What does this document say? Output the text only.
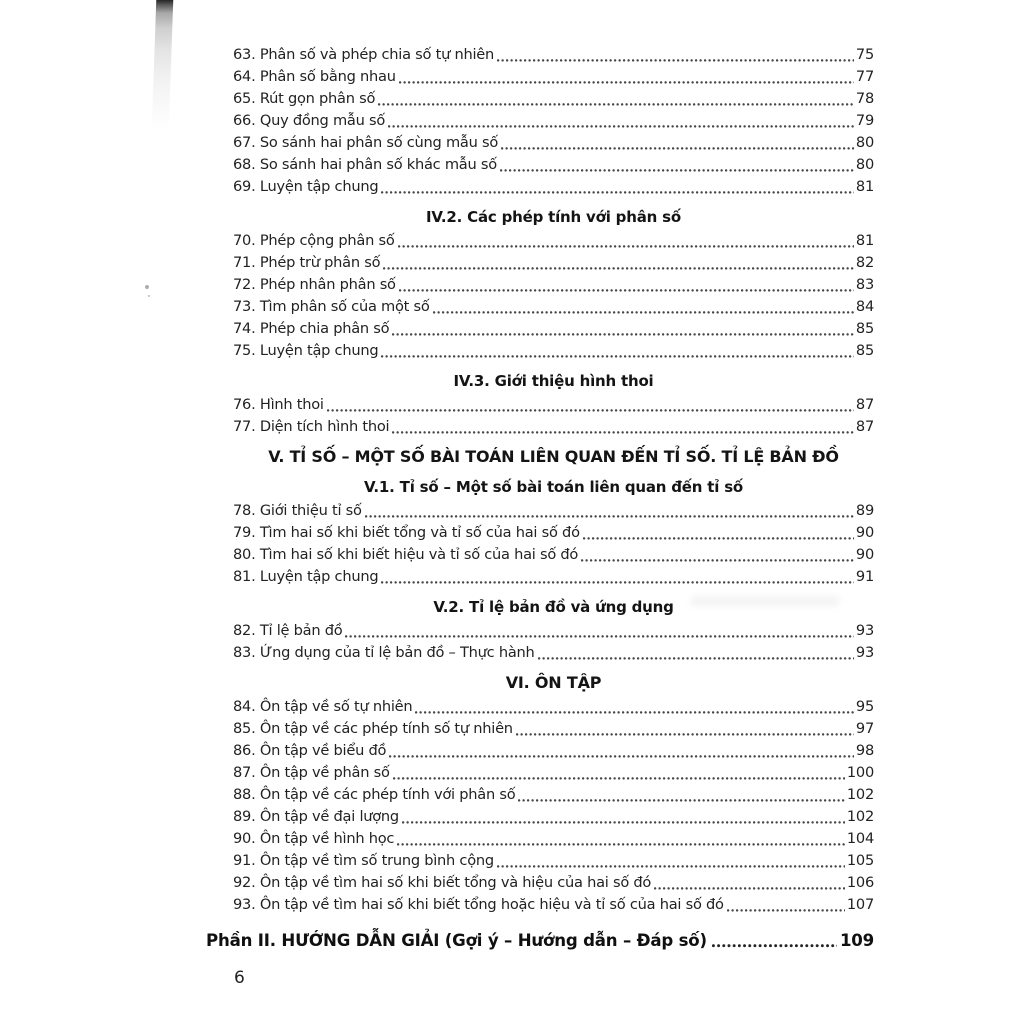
63. Phân số và phép chia số tự nhiên	75
64. Phân số bằng nhau	77
65. Rút gọn phân số	78
66. Quy đồng mẫu số	79
67. So sánh hai phân số cùng mẫu số	80
68. So sánh hai phân số khác mẫu số	80
69. Luyện tập chung	81
IV.2. Các phép tính với phân số
70. Phép cộng phân số	81
71. Phép trừ phân số	82
72. Phép nhân phân số	83
73. Tìm phân số của một số	84
74. Phép chia phân số	85
75. Luyện tập chung	85
IV.3. Giới thiệu hình thoi
76. Hình thoi	87
77. Diện tích hình thoi	87
V. TỈ SỐ – MỘT SỐ BÀI TOÁN LIÊN QUAN ĐẾN TỈ SỐ. TỈ LỆ BẢN ĐỒ
V.1. Tỉ số – Một số bài toán liên quan đến tỉ số
78. Giới thiệu tỉ số	89
79. Tìm hai số khi biết tổng và tỉ số của hai số đó	90
80. Tìm hai số khi biết hiệu và tỉ số của hai số đó	90
81. Luyện tập chung	91
V.2. Tỉ lệ bản đồ và ứng dụng
82. Tỉ lệ bản đồ	93
83. Ứng dụng của tỉ lệ bản đồ – Thực hành	93
VI. ÔN TẬP
84. Ôn tập về số tự nhiên	95
85. Ôn tập về các phép tính số tự nhiên	97
86. Ôn tập về biểu đồ	98
87. Ôn tập về phân số	100
88. Ôn tập về các phép tính với phân số	102
89. Ôn tập về đại lượng	102
90. Ôn tập về hình học	104
91. Ôn tập về tìm số trung bình cộng	105
92. Ôn tập về tìm hai số khi biết tổng và hiệu của hai số đó	106
93. Ôn tập về tìm hai số khi biết tổng hoặc hiệu và tỉ số của hai số đó	107
Phần II. HƯỚNG DẪN GIẢI (Gợi ý – Hướng dẫn – Đáp số)	109
6
